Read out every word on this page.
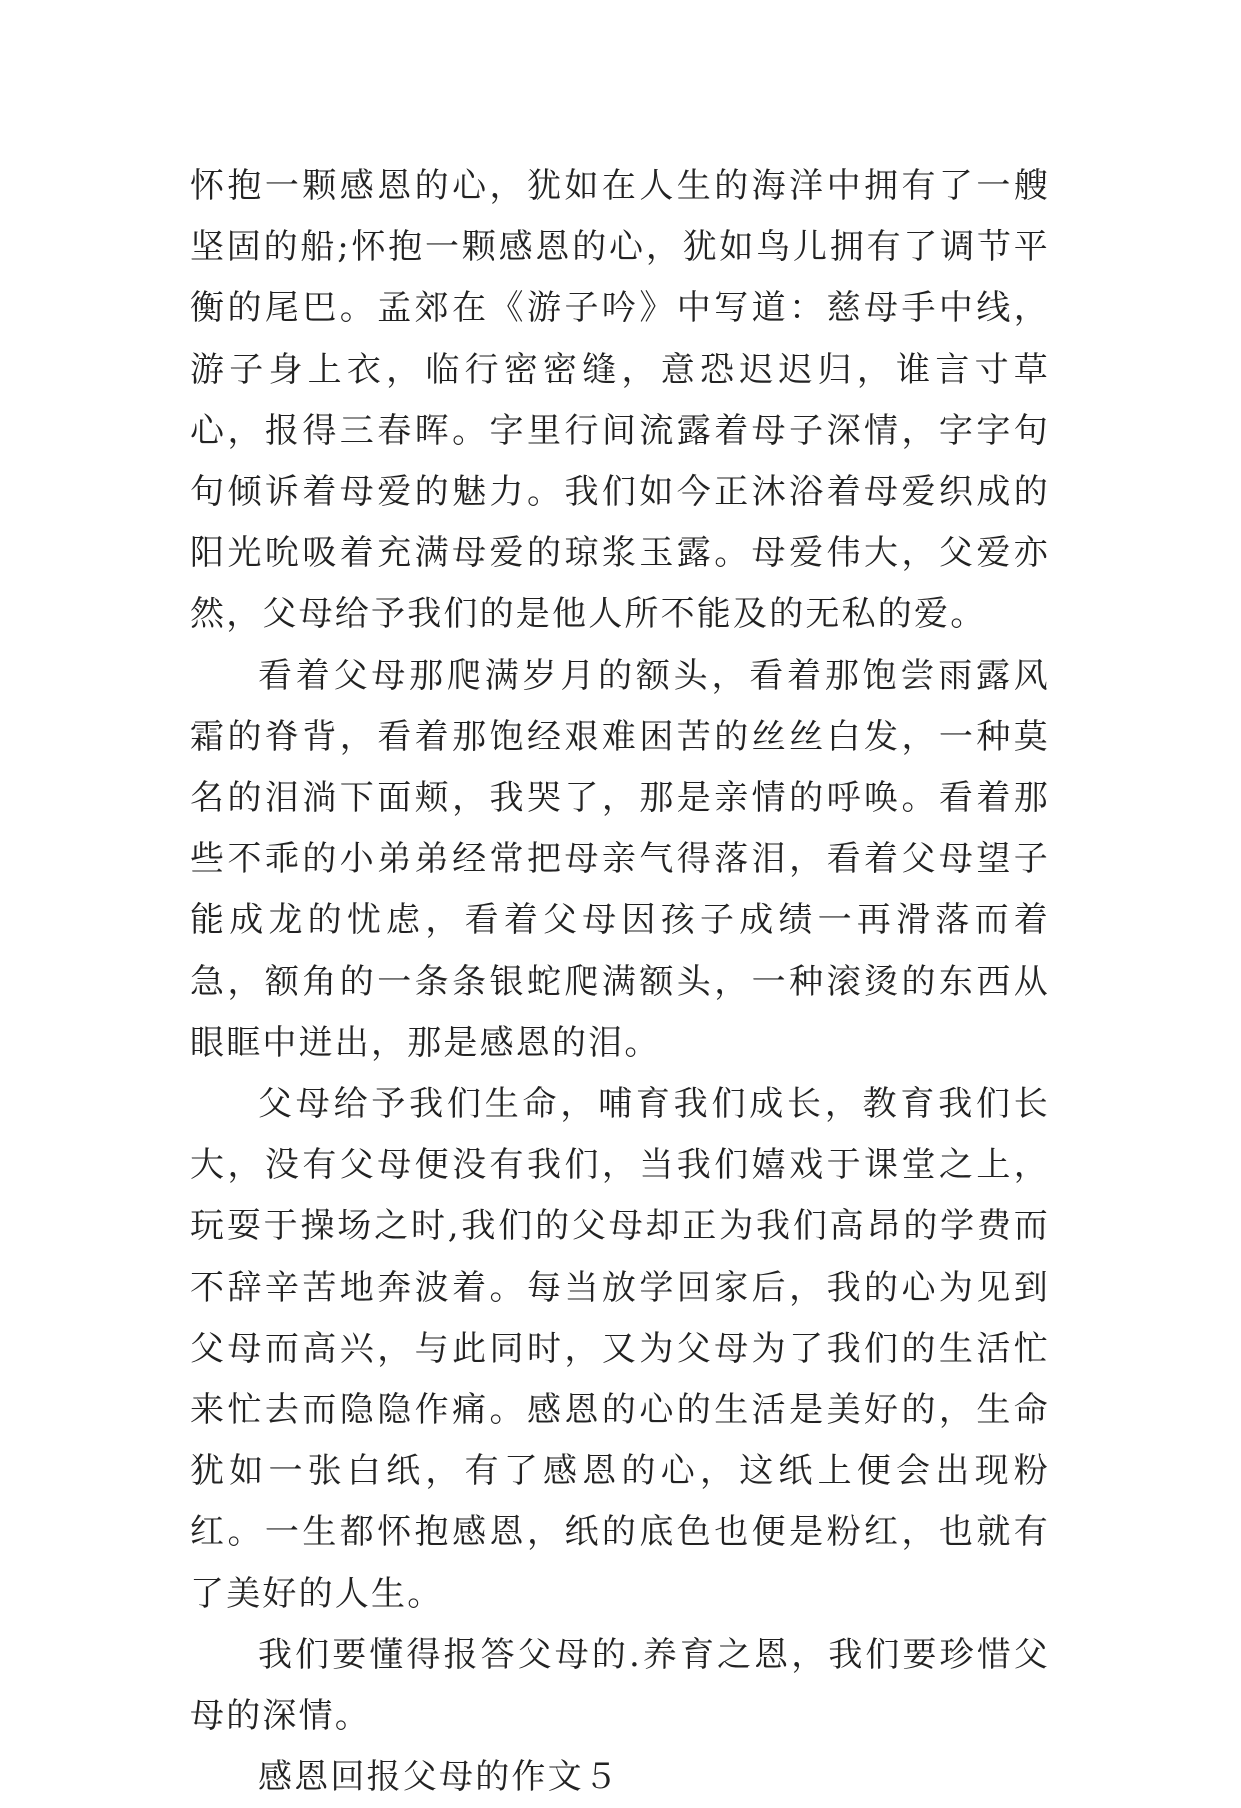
怀抱一颗感恩的心，犹如在人生的海洋中拥有了一艘坚固的船;怀抱一颗感恩的心，犹如鸟儿拥有了调节平衡的尾巴。孟郊在《游子吟》中写道：慈母手中线，游子身上衣，临行密密缝，意恐迟迟归，谁言寸草心，报得三春晖。字里行间流露着母子深情，字字句句倾诉着母爱的魅力。我们如今正沐浴着母爱织成的阳光吮吸着充满母爱的琼浆玉露。母爱伟大，父爱亦然，父母给予我们的是他人所不能及的无私的爱。

看着父母那爬满岁月的额头，看着那饱尝雨露风霜的脊背，看着那饱经艰难困苦的丝丝白发，一种莫名的泪淌下面颊，我哭了，那是亲情的呼唤。看着那些不乖的小弟弟经常把母亲气得落泪，看着父母望子能成龙的忧虑，看着父母因孩子成绩一再滑落而着急，额角的一条条银蛇爬满额头，一种滚烫的东西从眼眶中迸出，那是感恩的泪。

父母给予我们生命，哺育我们成长，教育我们长大，没有父母便没有我们，当我们嬉戏于课堂之上，玩耍于操场之时,我们的父母却正为我们高昂的学费而不辞辛苦地奔波着。每当放学回家后，我的心为见到父母而高兴，与此同时，又为父母为了我们的生活忙来忙去而隐隐作痛。感恩的心的生活是美好的，生命犹如一张白纸，有了感恩的心，这纸上便会出现粉红。一生都怀抱感恩，纸的底色也便是粉红，也就有了美好的人生。

我们要懂得报答父母的.养育之恩，我们要珍惜父母的深情。

感恩回报父母的作文５
